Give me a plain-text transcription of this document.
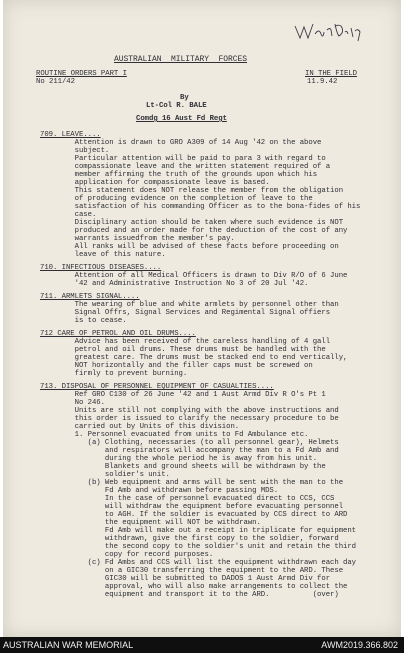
AUSTRALIAN  MILITARY  FORCES
ROUTINE ORDERS PART I
No 211/42
IN THE FIELD
11.9.42
By
Lt-Col R. BALE
Comdg 16 Aust Fd Regt
709. LEAVE....
Attention is drawn to GRO A309 of 14 Aug '42 on the above
subject.
Particular attention will be paid to para 3 with regard to
compassionate leave and the written statement required of a
member affirming the truth of the grounds upon which his
application for compassionate leave is based.
This statement does NOT release the member from the obligation
of producing evidence on the completion of leave to the
satisfaction of his commanding Officer as to the bona-fides of his
case.
Disciplinary action should be taken where such evidence is NOT
produced and an order made for the deduction of the cost of any
warrants issuedfrom the member's pay.
All ranks will be advised of these facts before proceeding on
leave of this nature.
710. INFECTIOUS DISEASES....
Attention of all Medical Officers is drawn to Div R/O of 6 June
'42 and Administrative Instruction No 3 of 20 Jul '42.
711. ARMLETS SIGNAL....
The wearing of blue and white armlets by personnel other than
Signal Offrs, Signal Services and Regimental Signal offiers
is to cease.
712 CARE OF PETROL AND OIL DRUMS....
Advice has been received of the careless handling of 4 gall
petrol and oil drums. These drums must be handled with the
greatest care. The drums must be stacked end to end vertically,
NOT horizontally and the filler caps must be screwed on
firmly to prevent burning.
713. DISPOSAL OF PERSONNEL EQUIPMENT OF CASUALTIES....
Ref GRO C130 of 26 June '42 and 1 Aust Armd Div R O's Pt 1
No 246.
Units are still not complying with the above instructions and
this order is issued to clarify the necessary procedure to be
carried out by Units of this division.
1. Personnel evacuated from units to Fd Ambulance etc.
(a) Clothing, necessaries (to all personnel gear), Helmets
and respirators will accompany the man to a Fd Amb and
during the whole period he is away from his unit.
Blankets and ground sheets will be withdrawn by the
soldier's unit.
(b) Web equipment and arms will be sent with the man to the
Fd Amb and withdrawn before passing MDS.
In the case of personnel evacuated direct to CCS, CCS
will withdraw the equipment before evacuating personnel
to AGH. If the soldier is evacuated by CCS direct to ARD
the equipment will NOT be withdrawn.
Fd Amb will make out a receipt in triplicate for equipment
withdrawn, give the first copy to the soldier, forward
the second copy to the soldier's unit and retain the third
copy for record purposes.
(c) Fd Ambs and CCS will list the equipment withdrawn each day
on a GIC30 transferring the equipment to the ARD. These
GIC30 will be submitted to DADOS 1 Aust Armd Div for
approval, who will also make arrangements to collect the
equipment and transport it to the ARD.          (over)
AUSTRALIAN WAR MEMORIAL	AWM2019.366.802
